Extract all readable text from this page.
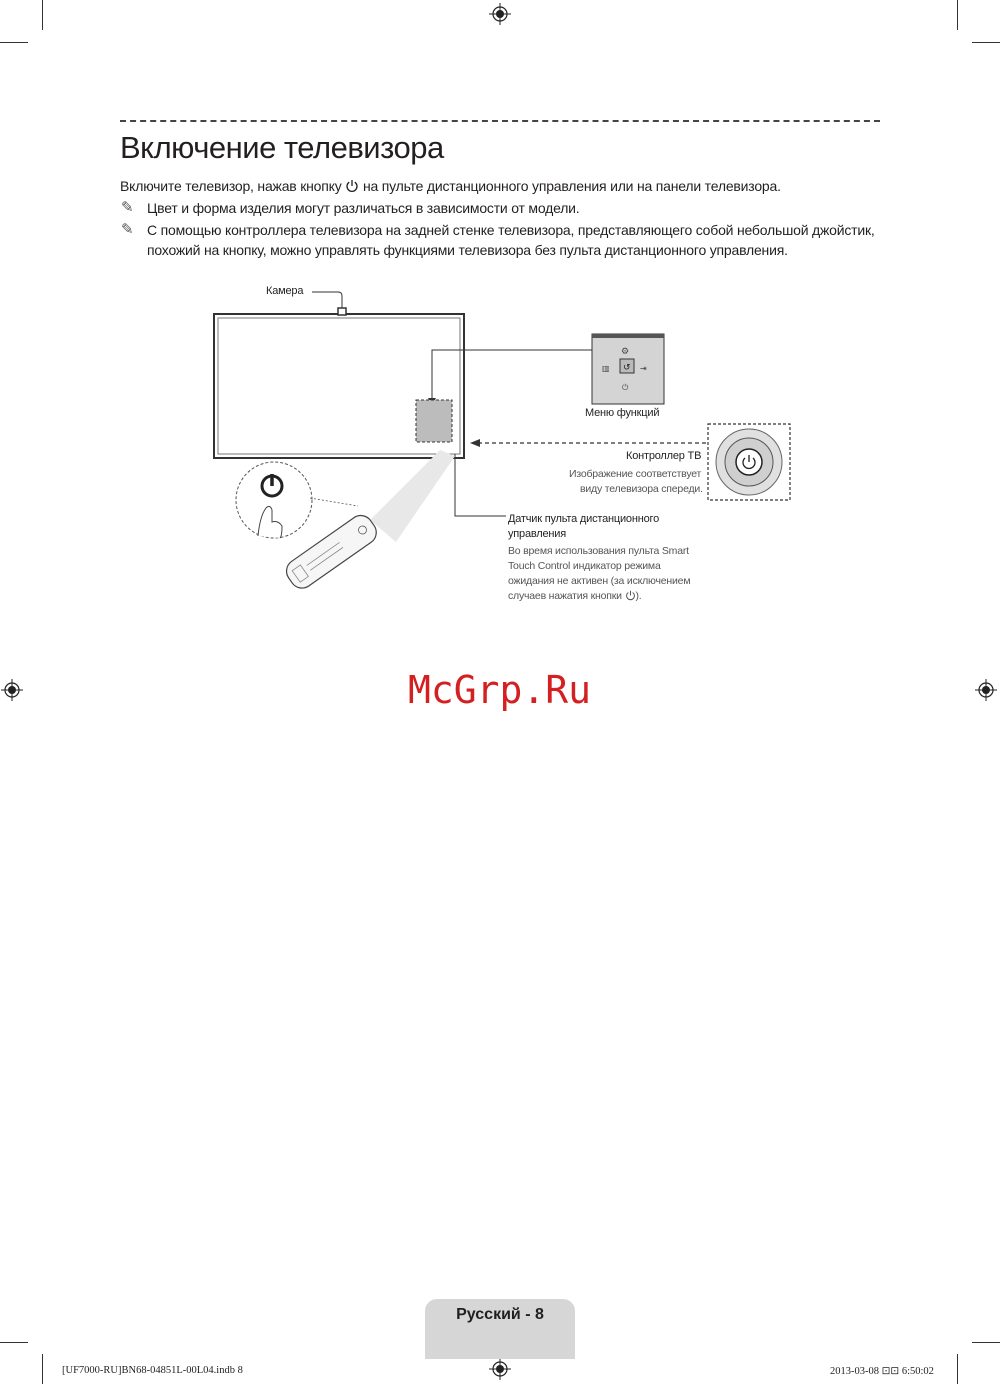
Включение телевизора
Включите телевизор, нажав кнопку на пульте дистанционного управления или на панели телевизора.
✎ Цвет и форма изделия могут различаться в зависимости от модели.
✎ С помощью контроллера телевизора на задней стенке телевизора, представляющего собой небольшой джойстик,
похожий на кнопку, можно управлять функциями телевизора без пульта дистанционного управления.
↺
⚙
▥	⇥
⏻
Камера
Меню функций
Контроллер ТВ
Изображение соответствует
виду телевизора спереди.
Датчик пульта дистанционного
управления
Во время использования пульта Smart
Touch Control индикатор режима
ожидания не активен (за исключением
случаев нажатия кнопки ).
McGrp.Ru
Русский - 8
[UF7000-RU]BN68-04851L-00L04.indb 8	2013-03-08 ⊡⊡ 6:50:02
